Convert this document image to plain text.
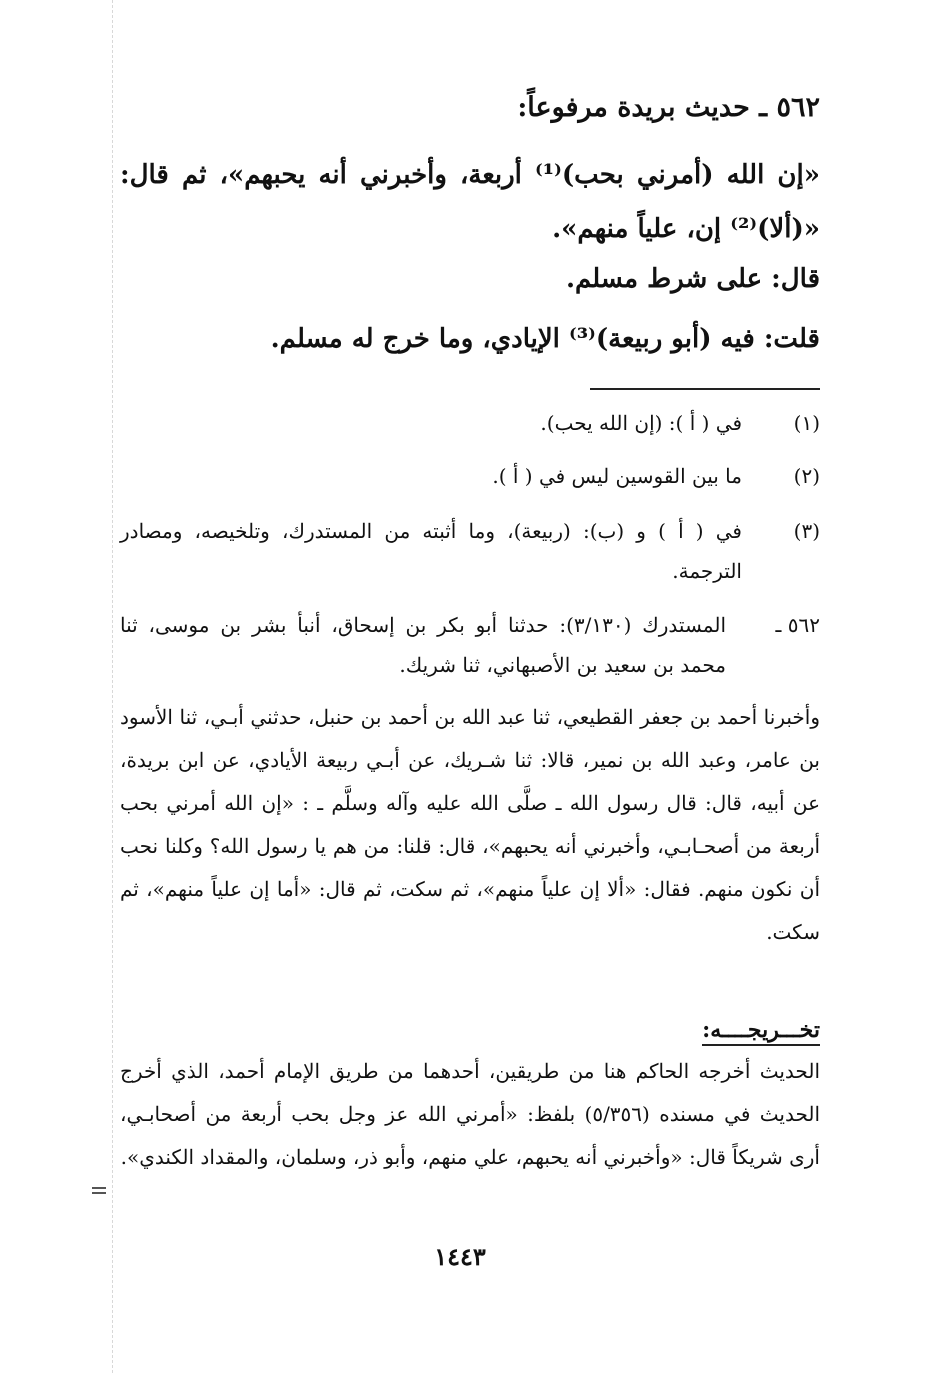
٥٦٢ ـ حديث بريدة مرفوعاً:
«إن الله (أمرني بحب)⁽¹⁾ أربعة، وأخبرني أنه يحبهم»، ثم قال: «(ألا)⁽²⁾ إن، علياً منهم».
قال: على شرط مسلم.
قلت: فيه (أبو ربيعة)⁽³⁾ الإيادي، وما خرج له مسلم.
(١)
في ( أ ): (إن الله يحب).
(٢)
ما بين القوسين ليس في ( أ ).
(٣)
في ( أ ) و (ب): (ربيعة)، وما أثبته من المستدرك، وتلخيصه، ومصادر الترجمة.
٥٦٢ ـ
المستدرك (٣/١٣٠): حدثنا أبو بكر بن إسحاق، أنبأ بشر بن موسى، ثنا محمد بن سعيد بن الأصبهاني، ثنا شريك.
وأخبرنا أحمد بن جعفر القطيعي، ثنا عبد الله بن أحمد بن حنبل، حدثني أبـي، ثنا الأسود بن عامر، وعبد الله بن نمير، قالا: ثنا شـريك، عن أبـي ربيعة الأيادي، عن ابن بريدة، عن أبيه، قال: قال رسول الله ـ صلَّى الله عليه وآله وسلَّم ـ : «إن الله أمرني بحب أربعة من أصحـابـي، وأخبرني أنه يحبهم»، قال: قلنا: من هم يا رسول الله؟ وكلنا نحب أن نكون منهم. فقال: «ألا إن علياً منهم»، ثم سكت، ثم قال: «أما إن علياً منهم»، ثم سكت.
تخـــريجــــه:
الحديث أخرجه الحاكم هنا من طريقين، أحدهما من طريق الإمام أحمد، الذي أخرج الحديث في مسنده (٥/٣٥٦) بلفظ: «أمرني الله عز وجل بحب أربعة من أصحابـي، أرى شريكاً قال: «وأخبرني أنه يحبهم، علي منهم، وأبو ذر، وسلمان، والمقداد الكندي».
١٤٤٣
